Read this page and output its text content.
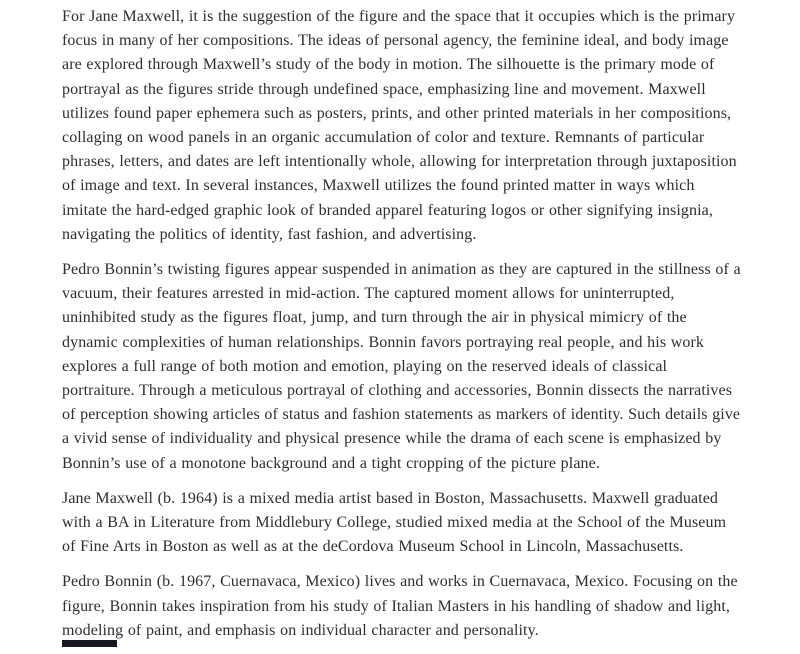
For Jane Maxwell, it is the suggestion of the figure and the space that it occupies which is the primary focus in many of her compositions. The ideas of personal agency, the feminine ideal, and body image are explored through Maxwell’s study of the body in motion. The silhouette is the primary mode of portrayal as the figures stride through undefined space, emphasizing line and movement. Maxwell utilizes found paper ephemera such as posters, prints, and other printed materials in her compositions, collaging on wood panels in an organic accumulation of color and texture. Remnants of particular phrases, letters, and dates are left intentionally whole, allowing for interpretation through juxtaposition of image and text. In several instances, Maxwell utilizes the found printed matter in ways which imitate the hard-edged graphic look of branded apparel featuring logos or other signifying insignia, navigating the politics of identity, fast fashion, and advertising.

Pedro Bonnin’s twisting figures appear suspended in animation as they are captured in the stillness of a vacuum, their features arrested in mid-action. The captured moment allows for uninterrupted, uninhibited study as the figures float, jump, and turn through the air in physical mimicry of the dynamic complexities of human relationships. Bonnin favors portraying real people, and his work explores a full range of both motion and emotion, playing on the reserved ideals of classical portraiture. Through a meticulous portrayal of clothing and accessories, Bonnin dissects the narratives of perception showing articles of status and fashion statements as markers of identity. Such details give a vivid sense of individuality and physical presence while the drama of each scene is emphasized by Bonnin’s use of a monotone background and a tight cropping of the picture plane.

Jane Maxwell (b. 1964) is a mixed media artist based in Boston, Massachusetts. Maxwell graduated with a BA in Literature from Middlebury College, studied mixed media at the School of the Museum of Fine Arts in Boston as well as at the deCordova Museum School in Lincoln, Massachusetts.

Pedro Bonnin (b. 1967, Cuernavaca, Mexico) lives and works in Cuernavaca, Mexico. Focusing on the figure, Bonnin takes inspiration from his study of Italian Masters in his handling of shadow and light, modeling of paint, and emphasis on individual character and personality.
